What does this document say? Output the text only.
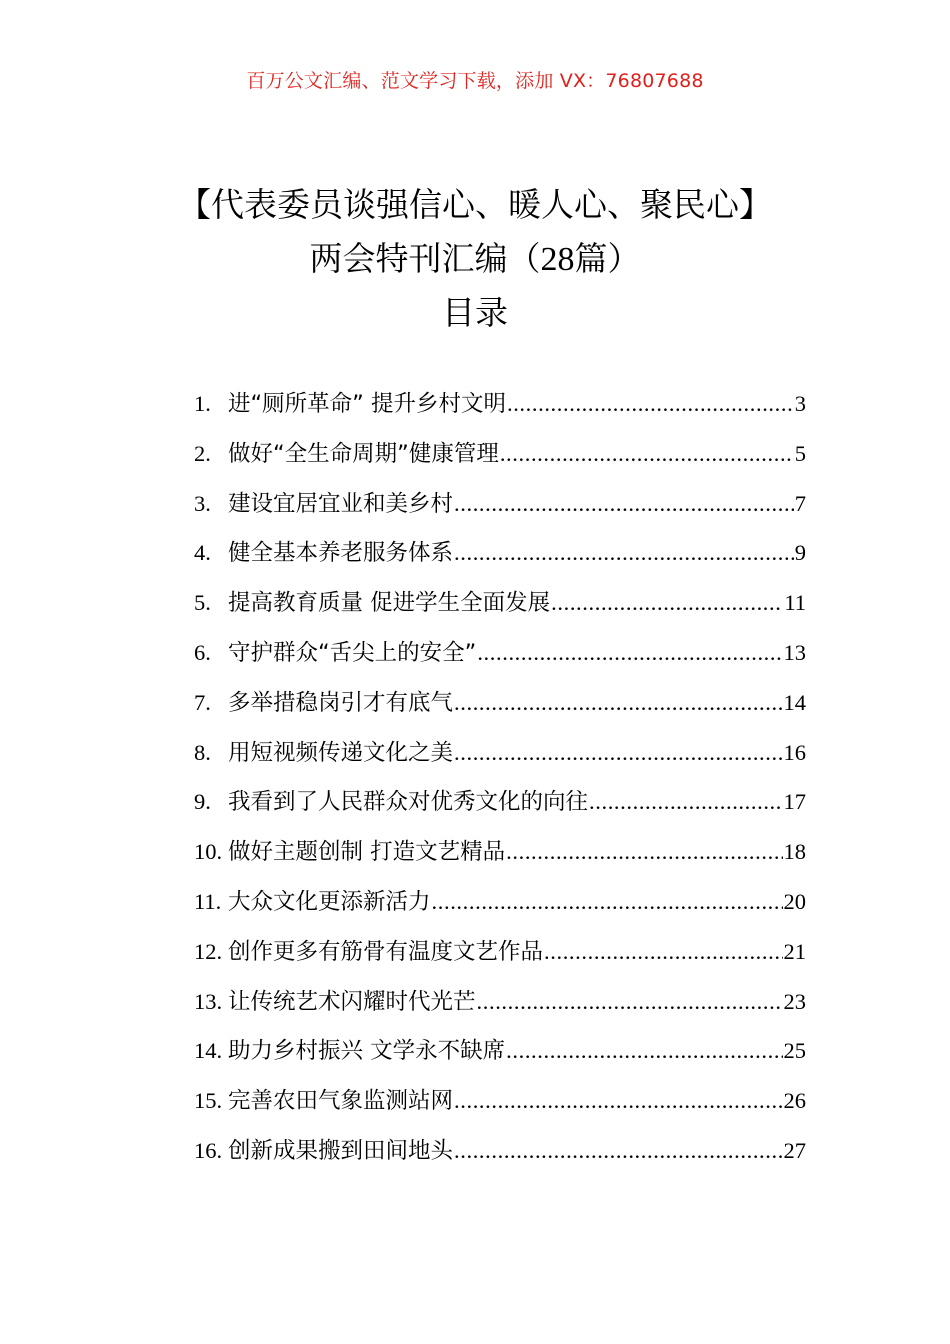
百万公文汇编、范文学习下载，添加 VX：76807688
【代表委员谈强信心、暖人心、聚民心】
两会特刊汇编（28篇）
目录
1. 进“厕所革命” 提升乡村文明 .....	3
2. 做好“全生命周期”健康管理 .....	5
3. 建设宜居宜业和美乡村 .....	7
4. 健全基本养老服务体系 .....	9
5. 提高教育质量 促进学生全面发展 .....	11
6. 守护群众“舌尖上的安全” .....	13
7. 多举措稳岗引才有底气 .....	14
8. 用短视频传递文化之美 .....	16
9. 我看到了人民群众对优秀文化的向往 .....	17
10. 做好主题创制 打造文艺精品 .....	18
11. 大众文化更添新活力 .....	20
12. 创作更多有筋骨有温度文艺作品 .....	21
13. 让传统艺术闪耀时代光芒 .....	23
14. 助力乡村振兴 文学永不缺席 .....	25
15. 完善农田气象监测站网 .....	26
16. 创新成果搬到田间地头 .....	27
